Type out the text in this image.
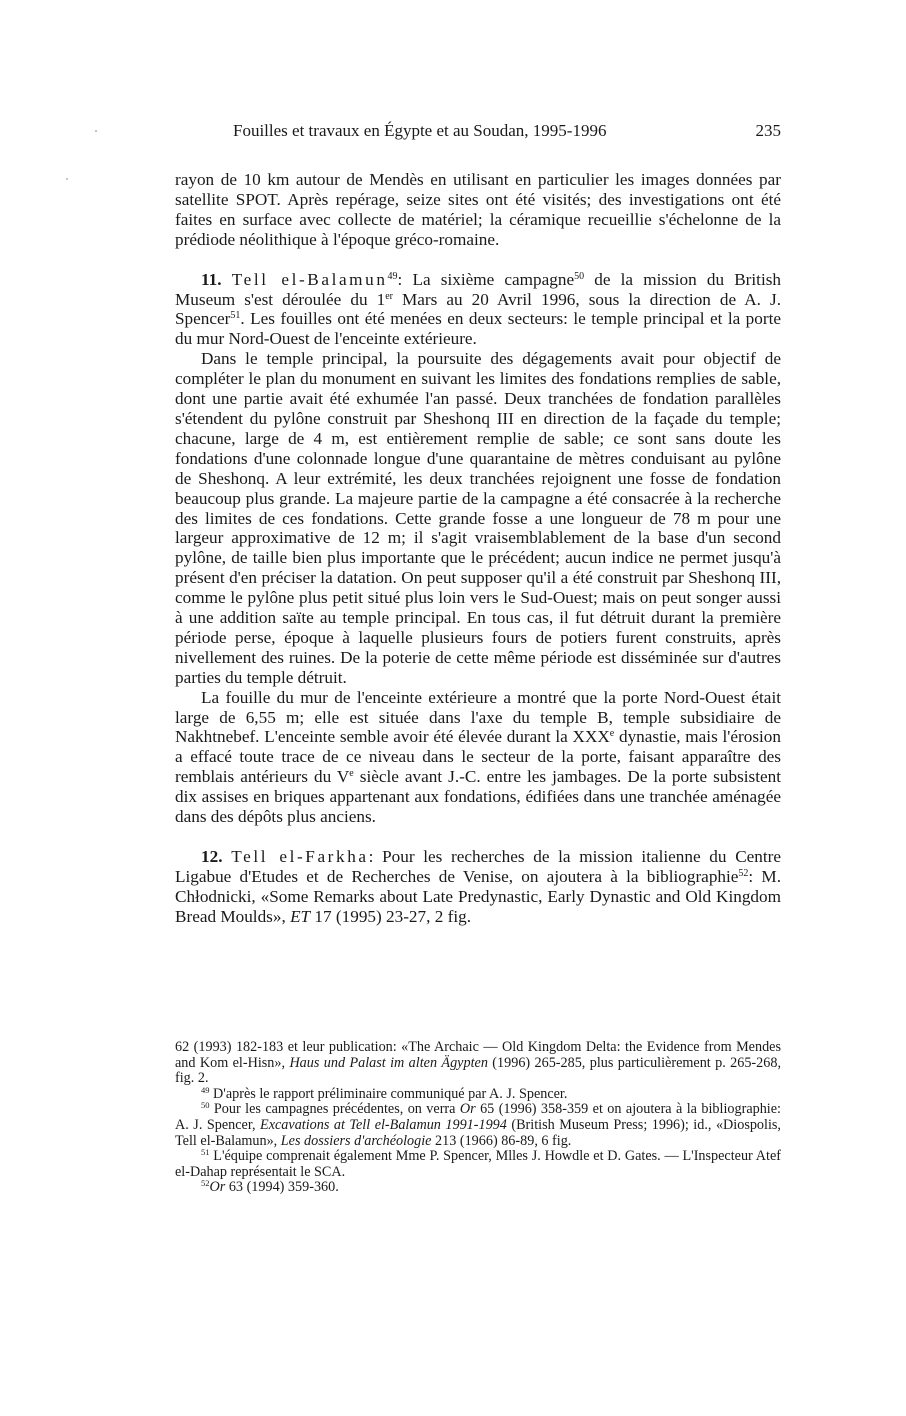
Fouilles et travaux en Égypte et au Soudan, 1995-1996	235

rayon de 10 km autour de Mendès en utilisant en particulier les images données par satellite SPOT. Après repérage, seize sites ont été visités; des investigations ont été faites en surface avec collecte de matériel; la céramique recueillie s'échelonne de la prédiode néolithique à l'époque gréco-romaine.

11. Tell el-Balamun$^{49}$: La sixième campagne$^{50}$ de la mission du British Museum s'est déroulée du 1er Mars au 20 Avril 1996, sous la direction de A. J. Spencer$^{51}$. Les fouilles ont été menées en deux secteurs: le temple principal et la porte du mur Nord-Ouest de l'enceinte extérieure.

Dans le temple principal, la poursuite des dégagements avait pour objectif de compléter le plan du monument en suivant les limites des fondations remplies de sable, dont une partie avait été exhumée l'an passé. Deux tranchées de fondation parallèles s'étendent du pylône construit par Sheshonq III en direction de la façade du temple; chacune, large de 4 m, est entièrement remplie de sable; ce sont sans doute les fondations d'une colonnade longue d'une quarantaine de mètres conduisant au pylône de Sheshonq. A leur extrémité, les deux tranchées rejoignent une fosse de fondation beaucoup plus grande. La majeure partie de la campagne a été consacrée à la recherche des limites de ces fondations. Cette grande fosse a une longueur de 78 m pour une largeur approximative de 12 m; il s'agit vraisemblablement de la base d'un second pylône, de taille bien plus importante que le précédent; aucun indice ne permet jusqu'à présent d'en préciser la datation. On peut supposer qu'il a été construit par Sheshonq III, comme le pylône plus petit situé plus loin vers le Sud-Ouest; mais on peut songer aussi à une addition saïte au temple principal. En tous cas, il fut détruit durant la première période perse, époque à laquelle plusieurs fours de potiers furent construits, après nivellement des ruines. De la poterie de cette même période est disséminée sur d'autres parties du temple détruit.

La fouille du mur de l'enceinte extérieure a montré que la porte Nord-Ouest était large de 6,55 m; elle est située dans l'axe du temple B, temple subsidiaire de Nakhtnebef. L'enceinte semble avoir été élevée durant la XXXe dynastie, mais l'érosion a effacé toute trace de ce niveau dans le secteur de la porte, faisant apparaître des remblais antérieurs du Ve siècle avant J.-C. entre les jambages. De la porte subsistent dix assises en briques appartenant aux fondations, édifiées dans une tranchée aménagée dans des dépôts plus anciens.

12. Tell el-Farkha: Pour les recherches de la mission italienne du Centre Ligabue d'Etudes et de Recherches de Venise, on ajoutera à la bibliographie$^{52}$: M. Chłodnicki, «Some Remarks about Late Predynastic, Early Dynastic and Old Kingdom Bread Moulds», ET 17 (1995) 23-27, 2 fig.

62 (1993) 182-183 et leur publication: «The Archaic — Old Kingdom Delta: the Evidence from Mendes and Kom el-Hisn», Haus und Palast im alten Ägypten (1996) 265-285, plus particulièrement p. 265-268, fig. 2.

$^{49}$ D'après le rapport préliminaire communiqué par A. J. Spencer.

$^{50}$ Pour les campagnes précédentes, on verra Or 65 (1996) 358-359 et on ajoutera à la bibliographie: A. J. Spencer, Excavations at Tell el-Balamun 1991-1994 (British Museum Press; 1996); id., «Diospolis, Tell el-Balamun», Les dossiers d'archéologie 213 (1966) 86-89, 6 fig.

$^{51}$ L'équipe comprenait également Mme P. Spencer, Mlles J. Howdle et D. Gates. — L'Inspecteur Atef el-Dahap représentait le SCA.

$^{52}$Or 63 (1994) 359-360.
